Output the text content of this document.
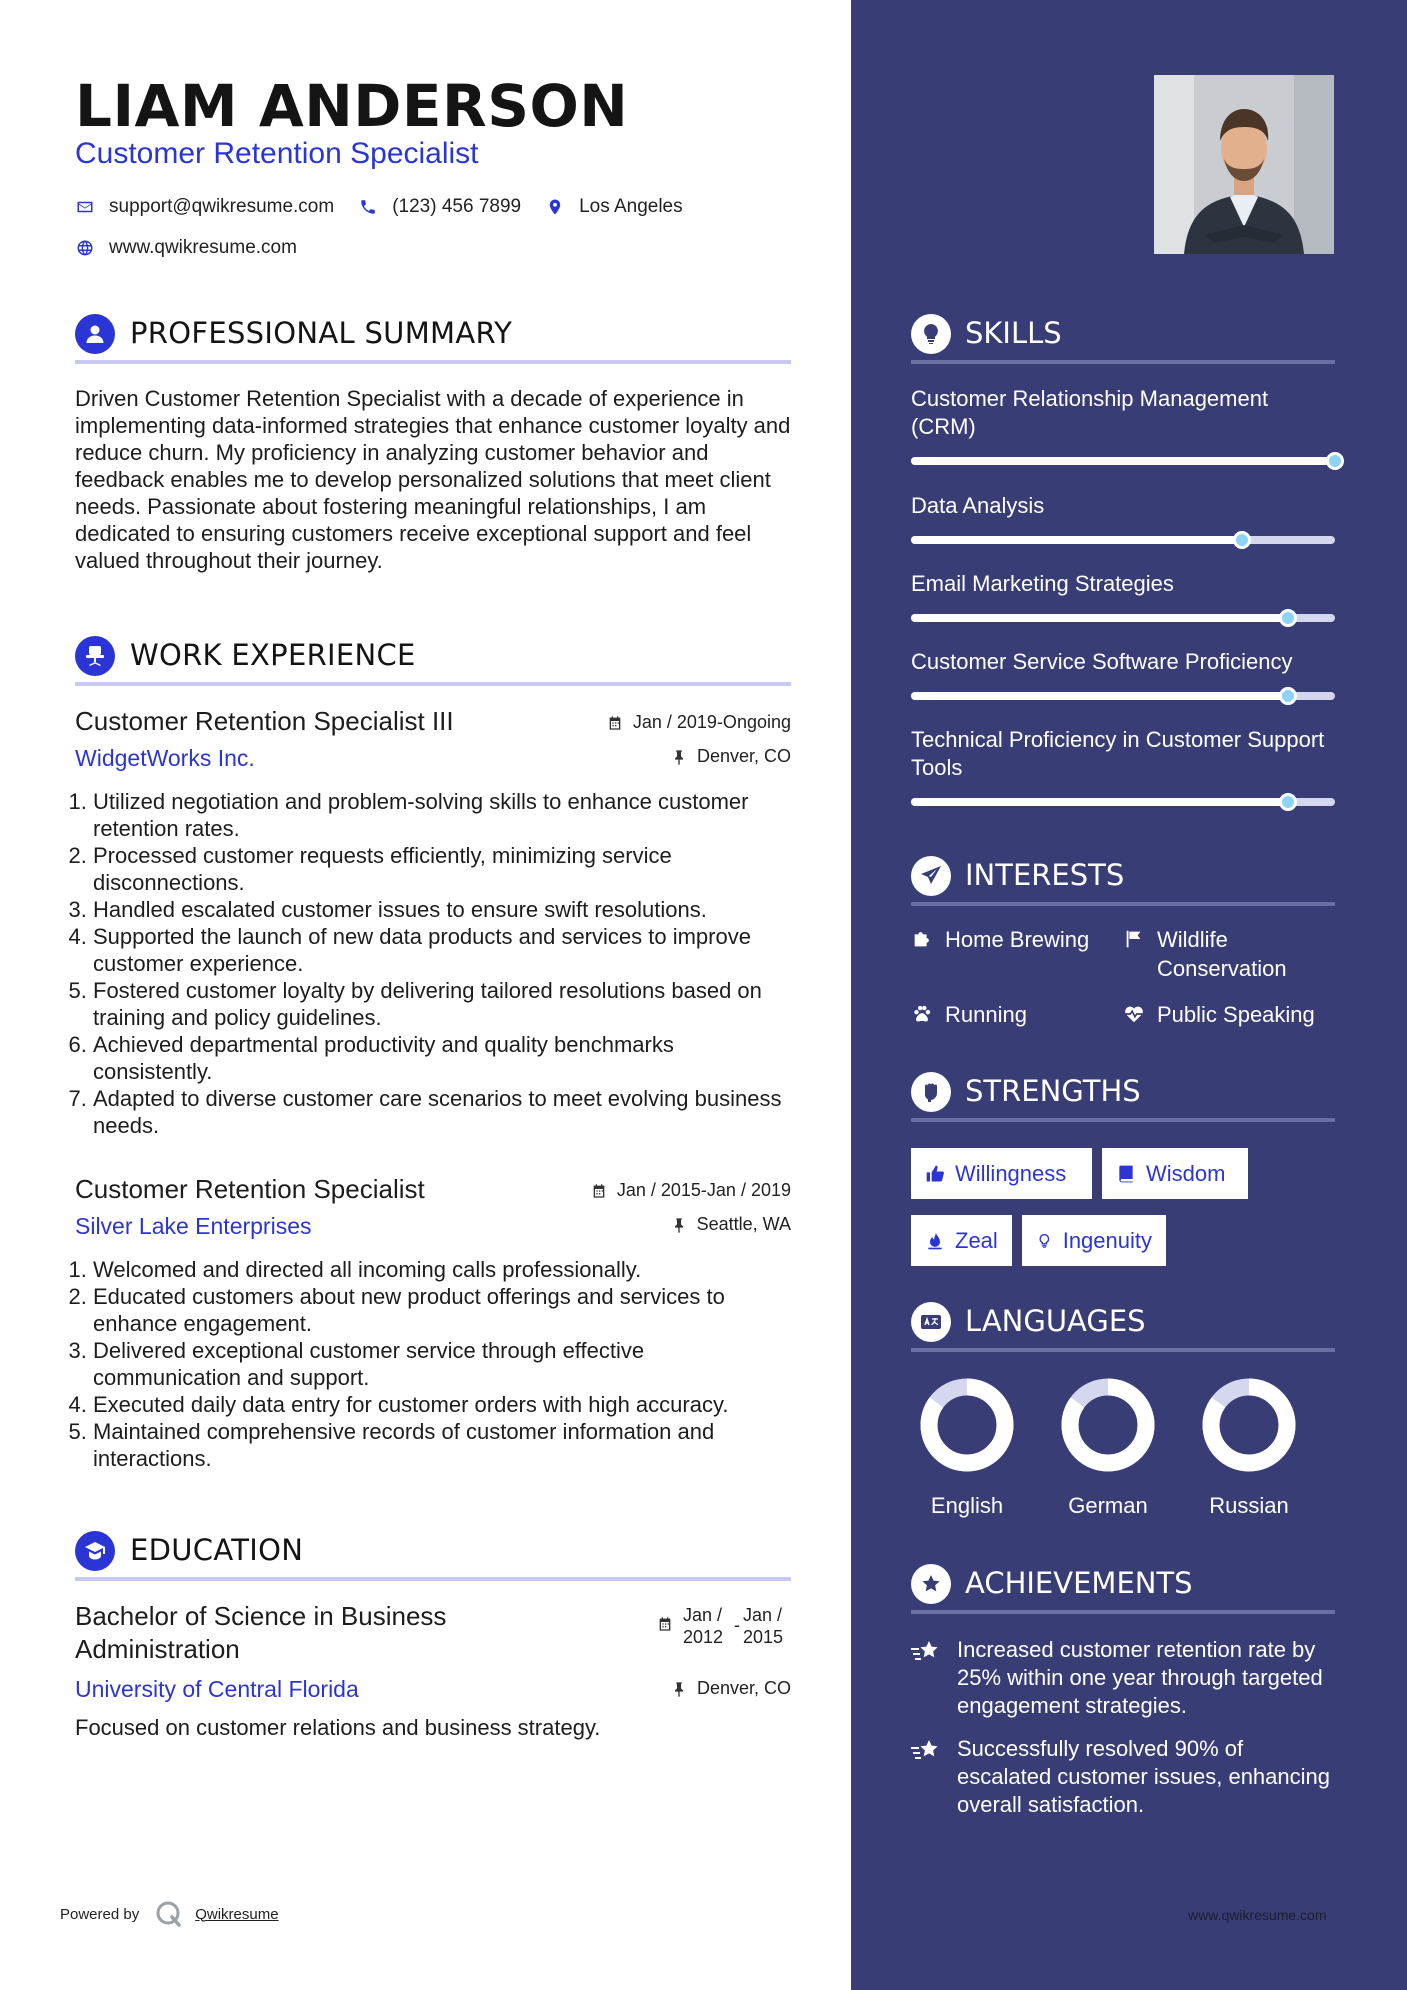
LIAM ANDERSON
Customer Retention Specialist
support@qwikresume.com	(123) 456 7899	Los Angeles
www.qwikresume.com
PROFESSIONAL SUMMARY
Driven Customer Retention Specialist with a decade of experience in implementing data-informed strategies that enhance customer loyalty and reduce churn. My proficiency in analyzing customer behavior and feedback enables me to develop personalized solutions that meet client needs. Passionate about fostering meaningful relationships, I am dedicated to ensuring customers receive exceptional support and feel valued throughout their journey.
WORK EXPERIENCE
Customer Retention Specialist III
WidgetWorks Inc.
Jan / 2019-Ongoing
Denver, CO
1. Utilized negotiation and problem-solving skills to enhance customer retention rates.
2. Processed customer requests efficiently, minimizing service disconnections.
3. Handled escalated customer issues to ensure swift resolutions.
4. Supported the launch of new data products and services to improve customer experience.
5. Fostered customer loyalty by delivering tailored resolutions based on training and policy guidelines.
6. Achieved departmental productivity and quality benchmarks consistently.
7. Adapted to diverse customer care scenarios to meet evolving business needs.
Customer Retention Specialist
Silver Lake Enterprises
Jan / 2015-Jan / 2019
Seattle, WA
1. Welcomed and directed all incoming calls professionally.
2. Educated customers about new product offerings and services to enhance engagement.
3. Delivered exceptional customer service through effective communication and support.
4. Executed daily data entry for customer orders with high accuracy.
5. Maintained comprehensive records of customer information and interactions.
EDUCATION
Bachelor of Science in Business Administration
University of Central Florida
Focused on customer relations and business strategy.
Jan / 2012
- Jan / 2015
Denver, CO
Powered by	Qwikresume
SKILLS
Customer Relationship Management (CRM)
Data Analysis
Email Marketing Strategies
Customer Service Software Proficiency
Technical Proficiency in Customer Support Tools
INTERESTS
Home Brewing	Wildlife Conservation
Running	Public Speaking
STRENGTHS
Willingness	Wisdom
Zeal	Ingenuity
LANGUAGES
English	German	Russian
ACHIEVEMENTS
Increased customer retention rate by 25% within one year through targeted engagement strategies.
Successfully resolved 90% of escalated customer issues, enhancing overall satisfaction.
www.qwikresume.com
